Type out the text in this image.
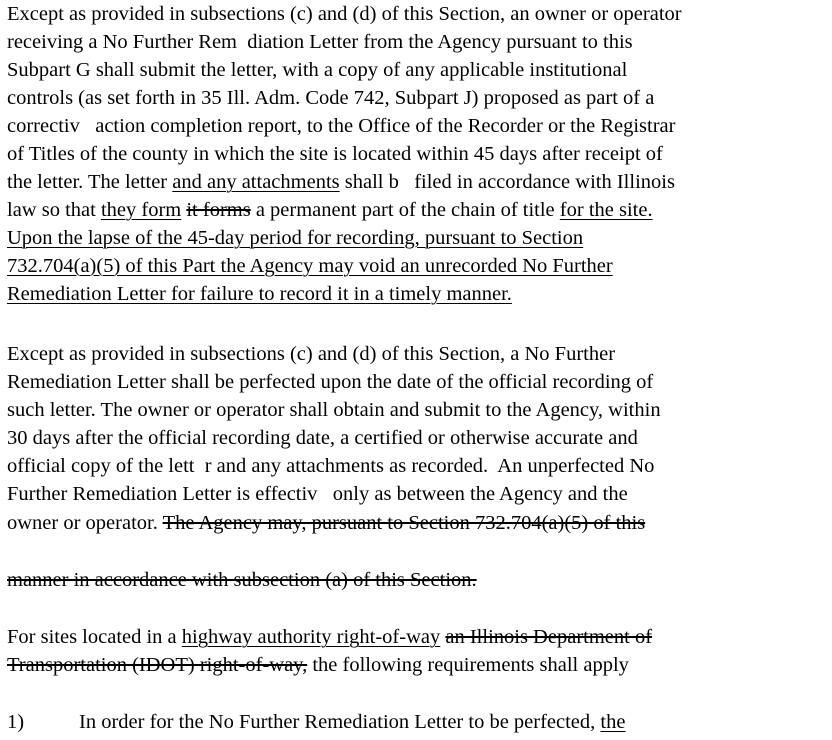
Except as provided in subsections (c) and (d) of this Section, an owner or operator
receiving a No Further Rem  diation Letter from the Agency pursuant to this
Subpart G shall submit the letter, with a copy of any applicable institutional
controls (as set forth in 35 Ill. Adm. Code 742, Subpart J) proposed as part of a
correctiv   action completion report, to the Office of the Recorder or the Registrar
of Titles of the county in which the site is located within 45 days after receipt of
the letter. The letter and any attachments shall b   filed in accordance with Illinois
law so that they form it forms a permanent part of the chain of title for the site.
Upon the lapse of the 45-day period for recording, pursuant to Section
732.704(a)(5) of this Part the Agency may void an unrecorded No Further
Remediation Letter for failure to record it in a timely manner.
Except as provided in subsections (c) and (d) of this Section, a No Further
Remediation Letter shall be perfected upon the date of the official recording of
such letter. The owner or operator shall obtain and submit to the Agency, within
30 days after the official recording date, a certified or otherwise accurate and
official copy of the lett  r and any attachments as recorded.  An unperfected No
Further Remediation Letter is effectiv   only as between the Agency and the
owner or operator. The Agency may, pursuant to Section 732.704(a)(5) of this
manner in accordance with subsection (a) of this Section.
For sites located in a highway authority right-of-way an Illinois Department of
Transportation (IDOT) right-of-way, the following requirements shall apply
1)	In order for the No Further Remediation Letter to be perfected, the
